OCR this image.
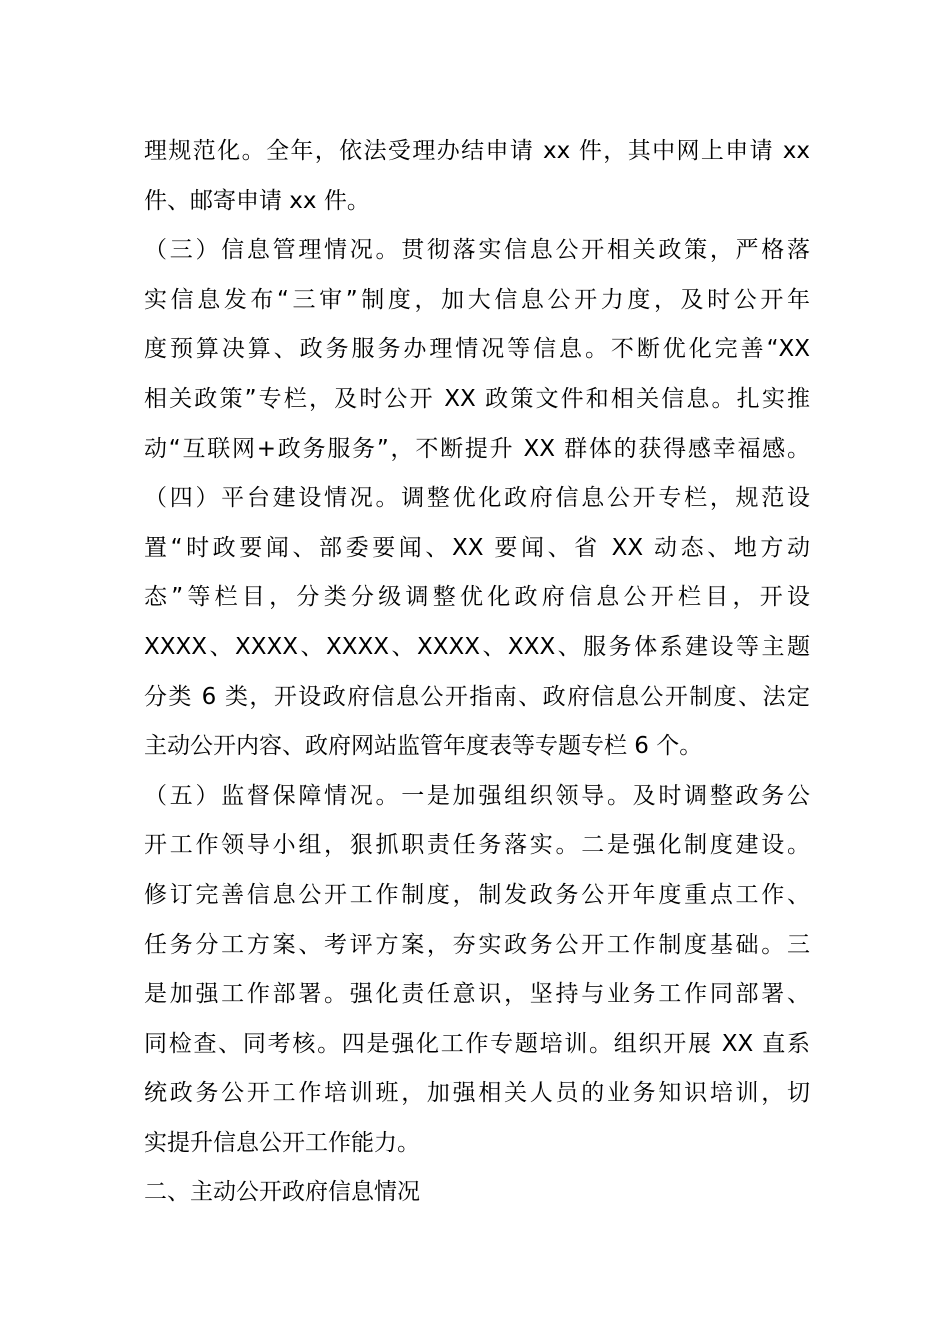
理规范化。全年，依法受理办结申请 xx 件，其中网上申请 xx
件、邮寄申请 xx 件。
（三）信息管理情况。贯彻落实信息公开相关政策，严格落
实信息发布“三审”制度，加大信息公开力度，及时公开年
度预算决算、政务服务办理情况等信息。不断优化完善“XX
相关政策”专栏，及时公开 XX 政策文件和相关信息。扎实推
动“互联网+政务服务”，不断提升 XX 群体的获得感幸福感。
（四）平台建设情况。调整优化政府信息公开专栏，规范设
置“时政要闻、部委要闻、XX 要闻、省 XX 动态、地方动
态”等栏目，分类分级调整优化政府信息公开栏目，开设
XXXX、XXXX、XXXX、XXXX、XXX、服务体系建设等主题
分类 6 类，开设政府信息公开指南、政府信息公开制度、法定
主动公开内容、政府网站监管年度表等专题专栏 6 个。
（五）监督保障情况。一是加强组织领导。及时调整政务公
开工作领导小组，狠抓职责任务落实。二是强化制度建设。
修订完善信息公开工作制度，制发政务公开年度重点工作、
任务分工方案、考评方案，夯实政务公开工作制度基础。三
是加强工作部署。强化责任意识，坚持与业务工作同部署、
同检查、同考核。四是强化工作专题培训。组织开展 XX 直系
统政务公开工作培训班，加强相关人员的业务知识培训，切
实提升信息公开工作能力。
二、主动公开政府信息情况
